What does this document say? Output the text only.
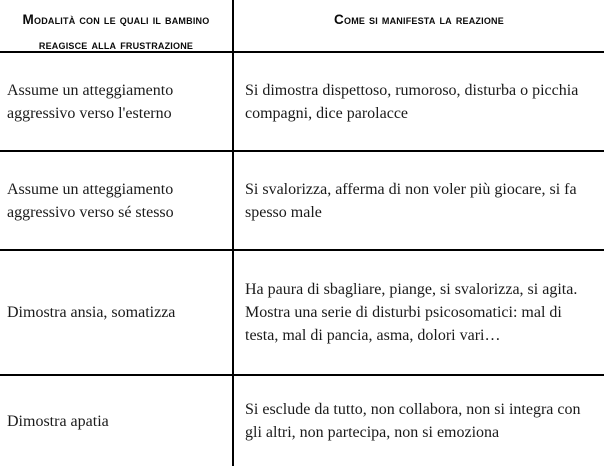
Modalità con le quali il bambino reagisce alla frustrazione
Come si manifesta la reazione
Assume un atteggiamento aggressivo verso l'esterno
Si dimostra dispettoso, rumoroso, disturba o picchia compagni, dice parolacce
Assume un atteggiamento aggressivo verso sé stesso
Si svalorizza, afferma di non voler più giocare, si fa spesso male
Dimostra ansia, somatizza
Ha paura di sbagliare, piange, si svalorizza, si agita. Mostra una serie di disturbi psicosomatici: mal di testa, mal di pancia, asma, dolori vari…
Dimostra apatia
Si esclude da tutto, non collabora, non si integra con gli altri, non partecipa, non si emoziona
